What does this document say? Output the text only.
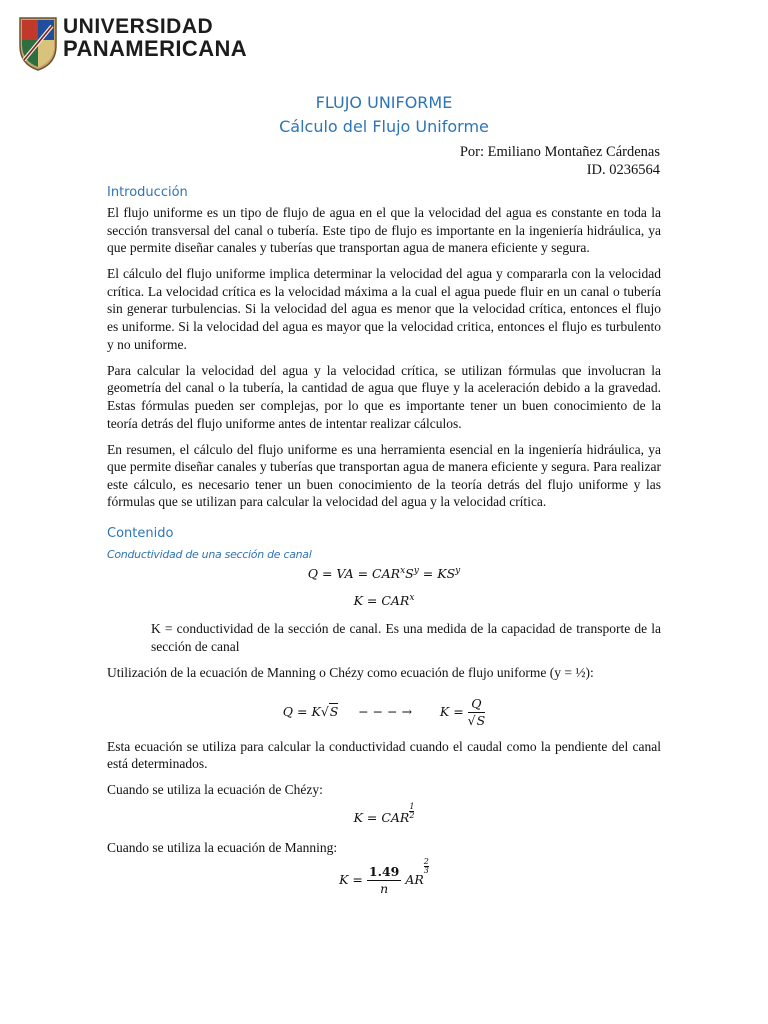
UNIVERSIDAD
PANAMERICANA
FLUJO UNIFORME
Cálculo del Flujo Uniforme
Por: Emiliano Montañez Cárdenas
ID. 0236564
Introducción

El flujo uniforme es un tipo de flujo de agua en el que la velocidad del agua es constante en toda la sección transversal del canal o tubería. Este tipo de flujo es importante en la ingeniería hidráulica, ya que permite diseñar canales y tuberías que transportan agua de manera eficiente y segura.

El cálculo del flujo uniforme implica determinar la velocidad del agua y compararla con la velocidad crítica. La velocidad crítica es la velocidad máxima a la cual el agua puede fluir en un canal o tubería sin generar turbulencias. Si la velocidad del agua es menor que la velocidad crítica, entonces el flujo es uniforme. Si la velocidad del agua es mayor que la velocidad critica, entonces el flujo es turbulento y no uniforme.

Para calcular la velocidad del agua y la velocidad crítica, se utilizan fórmulas que involucran la geometría del canal o la tubería, la cantidad de agua que fluye y la aceleración debido a la gravedad. Estas fórmulas pueden ser complejas, por lo que es importante tener un buen conocimiento de la teoría detrás del flujo uniforme antes de intentar realizar cálculos.

En resumen, el cálculo del flujo uniforme es una herramienta esencial en la ingeniería hidráulica, ya que permite diseñar canales y tuberías que transportan agua de manera eficiente y segura. Para realizar este cálculo, es necesario tener un buen conocimiento de la teoría detrás del flujo uniforme y las fórmulas que se utilizan para calcular la velocidad del agua y la velocidad crítica.

Contenido
Conductividad de una sección de canal
Q = VA = $CAR^xS^y = KS^y$
$K = CAR^x$

K = conductividad de la sección de canal. Es una medida de la capacidad de transporte de la sección de canal

Utilización de la ecuación de Manning o Chézy como ecuación de flujo uniforme (y = ½):

Q = K√S − − − →       $K = \frac{Q}{√S}$

Esta ecuación se utiliza para calcular la conductividad cuando el caudal como la pendiente del canal está determinados.

Cuando se utiliza la ecuación de Chézy:

K = CAR $\frac{1}{2}$

Cuando se utiliza la ecuación de Manning:

$K = \frac{1.49}{n}$ AR
$\frac{2}{3}$
